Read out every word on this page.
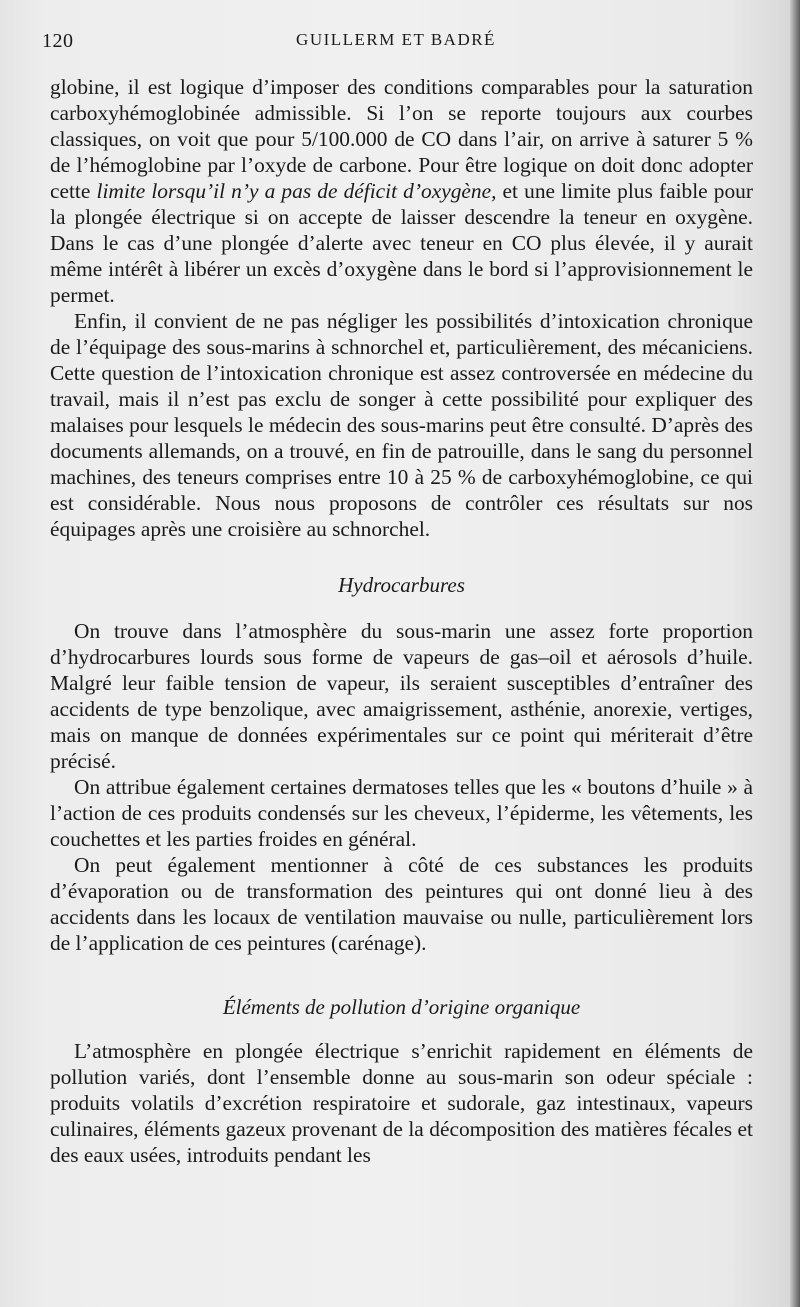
120	GUILLERM ET BADRÉ

globine, il est logique d’imposer des conditions comparables pour la saturation carboxyhémoglobinée admissible. Si l’on se reporte toujours aux courbes classiques, on voit que pour 5/100.000 de CO dans l’air, on arrive à saturer 5 % de l’hémoglobine par l’oxyde de carbone. Pour être logique on doit donc adopter cette limite lorsqu’il n’y a pas de déficit d’oxygène, et une limite plus faible pour la plongée électrique si on accepte de laisser descendre la teneur en oxygène. Dans le cas d’une plongée d’alerte avec teneur en CO plus élevée, il y aurait même intérêt à libérer un excès d’oxygène dans le bord si l’approvisionnement le permet.

Enfin, il convient de ne pas négliger les possibilités d’intoxication chronique de l’équipage des sous-marins à schnorchel et, particulièrement, des mécaniciens. Cette question de l’intoxication chronique est assez controversée en médecine du travail, mais il n’est pas exclu de songer à cette possibilité pour expliquer des malaises pour lesquels le médecin des sous-marins peut être consulté. D’après des documents allemands, on a trouvé, en fin de patrouille, dans le sang du personnel machines, des teneurs comprises entre 10 à 25 % de carboxyhémoglobine, ce qui est considérable. Nous nous proposons de contrôler ces résultats sur nos équipages après une croisière au schnorchel.

Hydrocarbures

On trouve dans l’atmosphère du sous-marin une assez forte proportion d’hydrocarbures lourds sous forme de vapeurs de gas–oil et aérosols d’huile. Malgré leur faible tension de vapeur, ils seraient susceptibles d’entraîner des accidents de type benzolique, avec amaigrissement, asthénie, anorexie, vertiges, mais on manque de données expérimentales sur ce point qui mériterait d’être précisé.

On attribue également certaines dermatoses telles que les « boutons d’huile » à l’action de ces produits condensés sur les cheveux, l’épiderme, les vêtements, les couchettes et les parties froides en général.

On peut également mentionner à côté de ces substances les produits d’évaporation ou de transformation des peintures qui ont donné lieu à des accidents dans les locaux de ventilation mauvaise ou nulle, particulièrement lors de l’application de ces peintures (carénage).

Éléments de pollution d’origine organique

L’atmosphère en plongée électrique s’enrichit rapidement en éléments de pollution variés, dont l’ensemble donne au sous-marin son odeur spéciale : produits volatils d’excrétion respiratoire et sudorale, gaz intestinaux, vapeurs culinaires, éléments gazeux provenant de la décomposition des matières fécales et des eaux usées, introduits pendant les
